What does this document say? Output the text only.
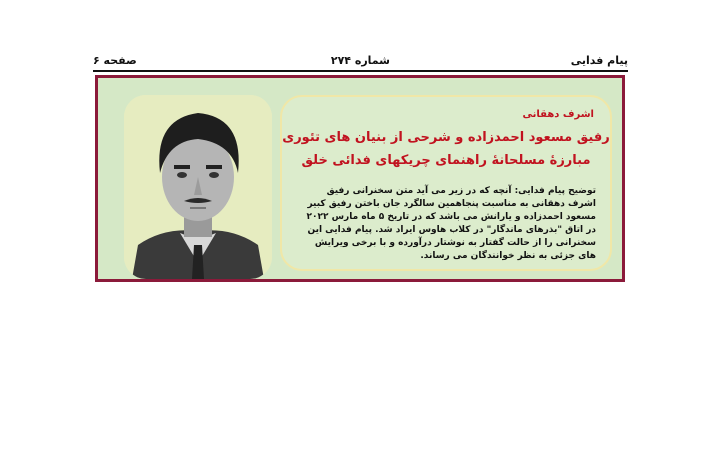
پیام فدایی
شماره ۲۷۴
صفحه ۶
اشرف دهقانی
رفیق مسعود احمدزاده و شرحی از بنیان های تئوری
مبارزهٔ مسلحانهٔ راهنمای چریکهای فدائی خلق
توضیح پیام فدایی: آنچه که در زیر می آید متن سخنرانی رفیق اشرف دهقانی به مناسبت پنجاهمین سالگرد جان باختن رفیق کبیر مسعود احمدزاده و یارانش می باشد که در تاریخ ۵ ماه مارس ۲۰۲۲ در اتاق "بذرهای ماندگار" در کلاب هاوس ایراد شد. پیام فدایی این سخنرانی را از حالت گفتار به نوشتار درآورده و با برخی ویرایش های جزئی به نظر خوانندگان می رساند.
